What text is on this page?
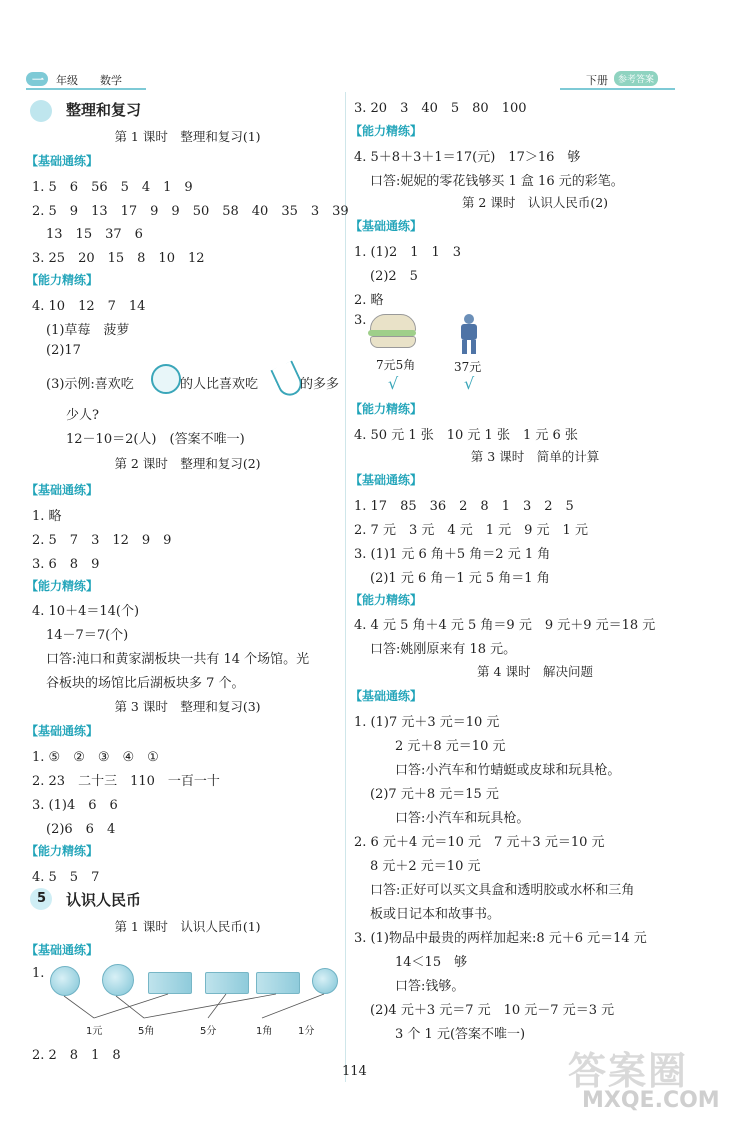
一 年级 数学	下册	参考答案
整理和复习
第 1 课时　整理和复习(1)
【基础通练】
1. 5　6　56　5　4　1　9
2. 5　9　13　17　9　9　50　58　40　35　3　39
13　15　37　6
3. 25　20　15　8　10　12
【能力精练】
4. 10　12　7　14
(1)草莓　菠萝
(2)17
(3)示例:喜欢吃	的人比喜欢吃	的多多
少人?
12－10＝2(人)　(答案不唯一)
第 2 课时　整理和复习(2)
【基础通练】
1. 略
2. 5　7　3　12　9　9
3. 6　8　9
【能力精练】
4. 10＋4＝14(个)
14－7＝7(个)
口答:沌口和黄家湖板块一共有 14 个场馆。光
谷板块的场馆比后湖板块多 7 个。
第 3 课时　整理和复习(3)
【基础通练】
1. ⑤　②　③　④　①
2. 23　二十三　110　一百一十
3. (1)4　6　6
(2)6　6　4
【能力精练】
4. 5　5　7
5 认识人民币
第 1 课时　认识人民币(1)
【基础通练】
1.
1元	5角	5分	1角	1分
2. 2　8　1　8
3. 20　3　40　5　80　100
【能力精练】
4. 5＋8＋3＋1＝17(元)　17＞16　够
口答:妮妮的零花钱够买 1 盒 16 元的彩笔。
第 2 课时　认识人民币(2)
【基础通练】
1. (1)2　1　1　3
(2)2　5
2. 略
3.
7元5角	37元
√	√
【能力精练】
4. 50 元 1 张　10 元 1 张　1 元 6 张
第 3 课时　简单的计算
【基础通练】
1. 17　85　36　2　8　1　3　2　5
2. 7 元　3 元　4 元　1 元　9 元　1 元
3. (1)1 元 6 角＋5 角＝2 元 1 角
(2)1 元 6 角－1 元 5 角＝1 角
【能力精练】
4. 4 元 5 角＋4 元 5 角＝9 元　9 元＋9 元＝18 元
口答:姚刚原来有 18 元。
第 4 课时　解决问题
【基础通练】
1. (1)7 元＋3 元＝10 元
2 元＋8 元＝10 元
口答:小汽车和竹蜻蜓或皮球和玩具枪。
(2)7 元＋8 元＝15 元
口答:小汽车和玩具枪。
2. 6 元＋4 元＝10 元　7 元＋3 元＝10 元
8 元＋2 元＝10 元
口答:正好可以买文具盒和透明胶或水杯和三角
板或日记本和故事书。
3. (1)物品中最贵的两样加起来:8 元＋6 元＝14 元
14＜15　够
口答:钱够。
(2)4 元＋3 元＝7 元　10 元－7 元＝3 元
3 个 1 元(答案不唯一)
114	答案圈
MXQE.COM
